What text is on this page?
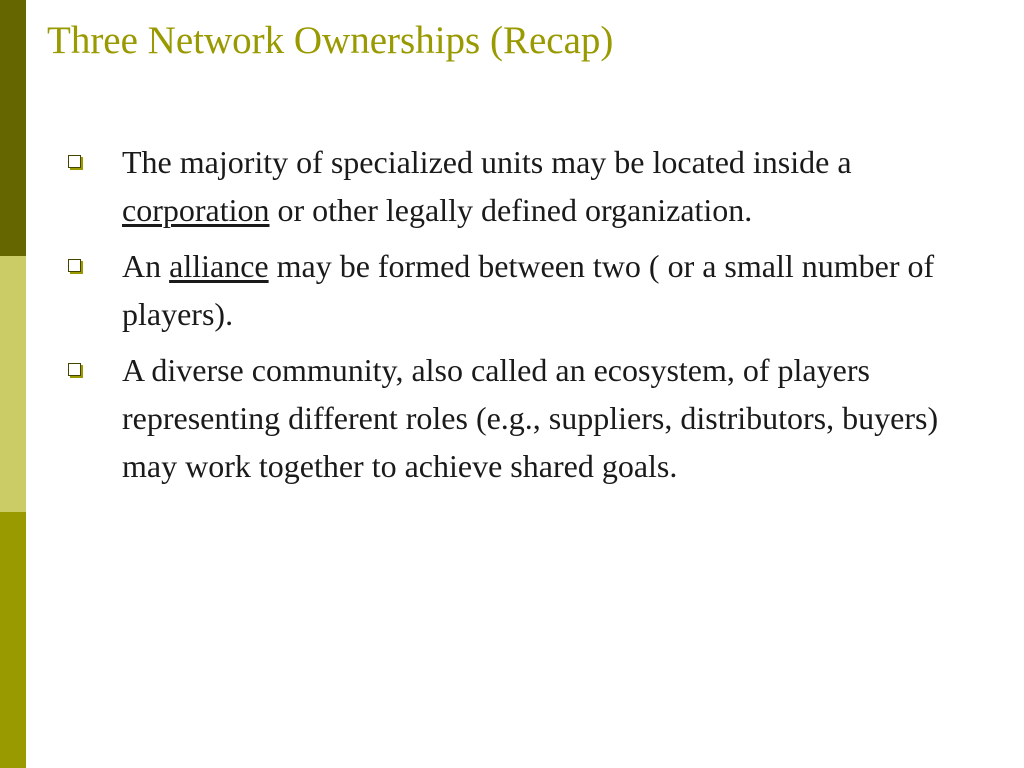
Three Network Ownerships (Recap)
The majority of specialized units may be located inside a corporation or other legally defined organization.
An alliance may be formed between two ( or a small number of players).
A diverse community, also called an ecosystem, of players representing different roles (e.g., suppliers, distributors, buyers) may work together to achieve shared goals.
